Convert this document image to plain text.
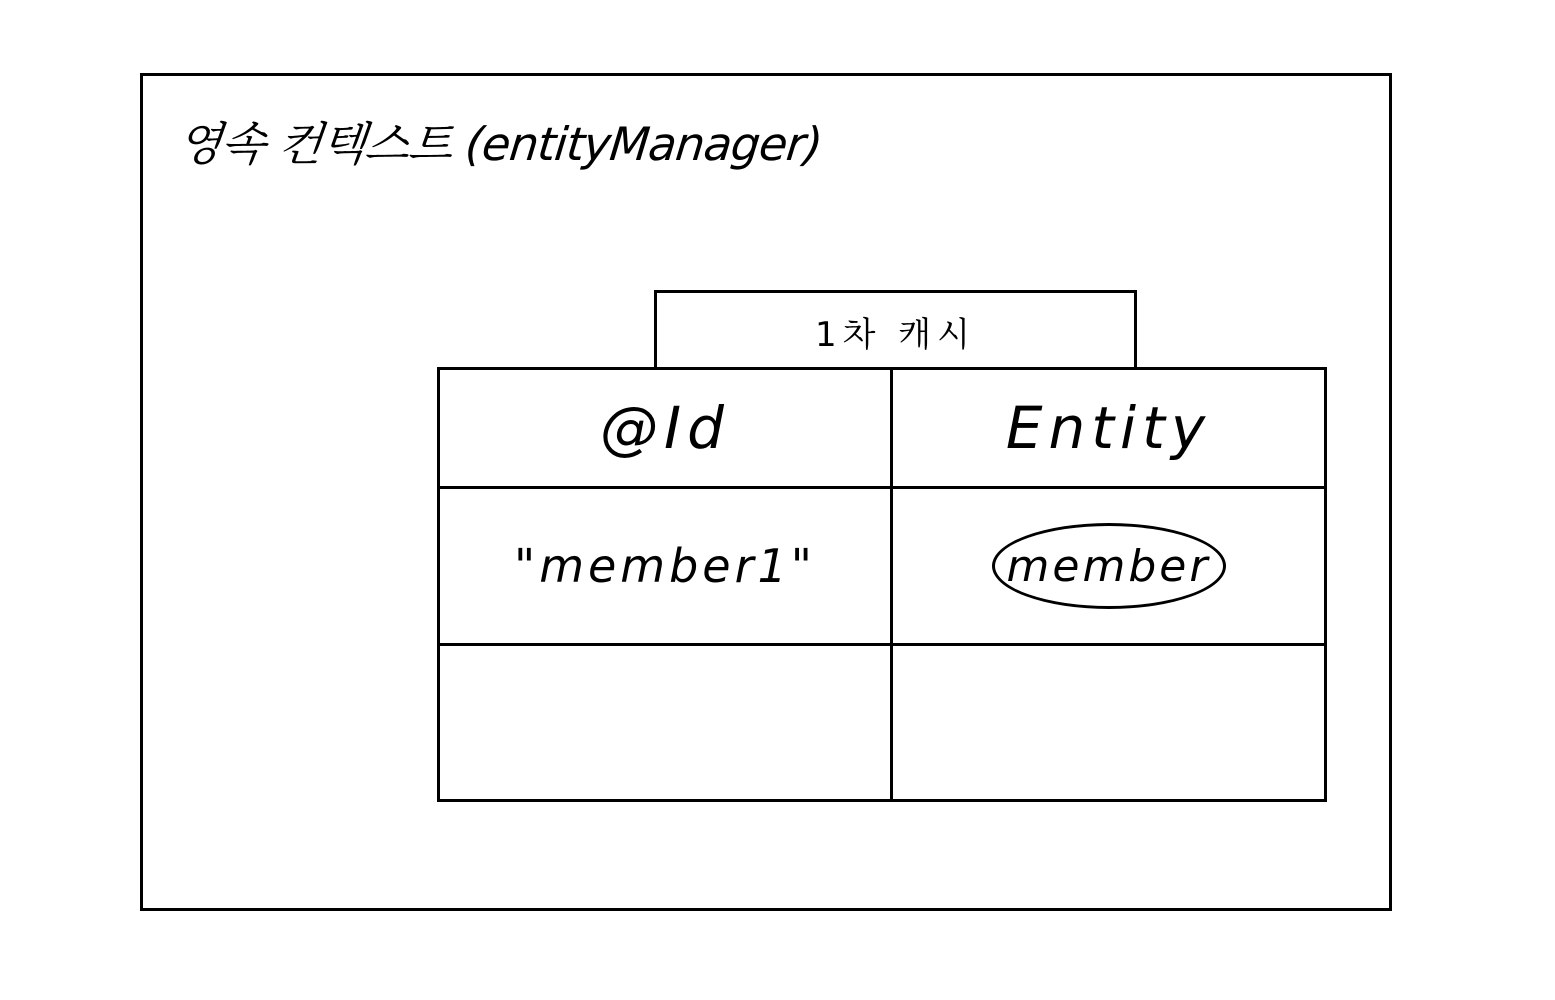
영속 컨텍스트 (entityManager)
1차 캐시
@Id	Entity
"member1"	member
